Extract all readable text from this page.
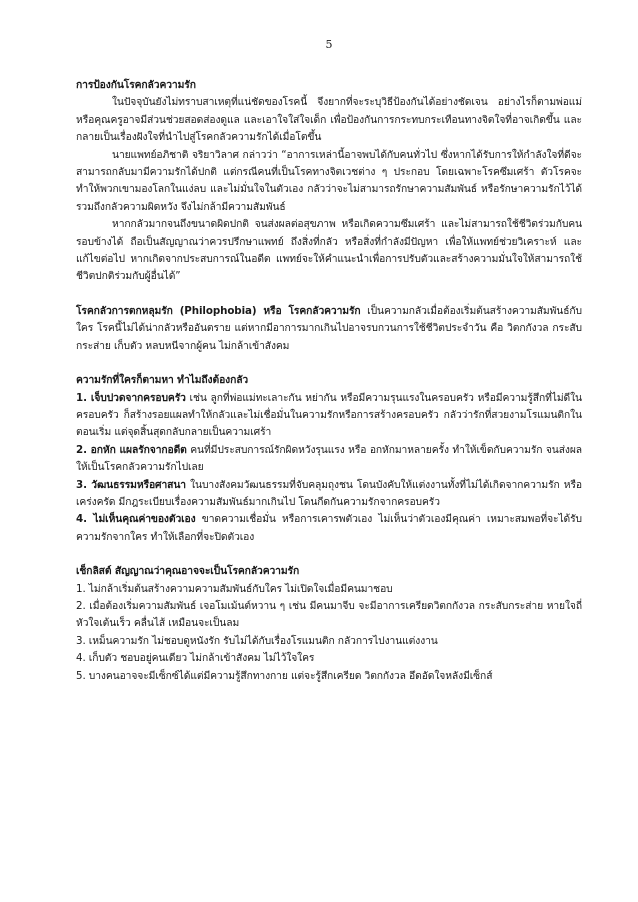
5

การป้องกันโรคกลัวความรัก

ในปัจจุบันยังไม่ทราบสาเหตุที่แน่ชัดของโรคนี้ จึงยากที่จะระบุวิธีป้องกันได้อย่างชัดเจน อย่างไรก็ตามพ่อแม่หรือคุณครูอาจมีส่วนช่วยสอดส่องดูแล และเอาใจใส่ใจเด็ก เพื่อป้องกันการกระทบกระเทือนทางจิตใจที่อาจเกิดขึ้น และกลายเป็นเรื่องฝังใจที่นำไปสู่โรคกลัวความรักได้เมื่อโตขึ้น

นายแพทย์อภิชาติ จริยาวิลาศ กล่าวว่า “อาการเหล่านี้อาจพบได้กับคนทั่วไป ซึ่งหากได้รับการให้กำลังใจที่ดีจะสามารถกลับมามีความรักได้ปกติ แต่กรณีคนที่เป็นโรคทางจิตเวชต่าง ๆ ประกอบ โดยเฉพาะโรคซึมเศร้า ตัวโรคจะทำให้พวกเขามองโลกในแง่ลบ และไม่มั่นใจในตัวเอง กลัวว่าจะไม่สามารถรักษาความสัมพันธ์ หรือรักษาความรักไว้ได้รวมถึงกลัวความผิดหวัง จึงไม่กล้ามีความสัมพันธ์

หากกลัวมากจนถึงขนาดผิดปกติ จนส่งผลต่อสุขภาพ หรือเกิดความซึมเศร้า และไม่สามารถใช้ชีวิตร่วมกับคนรอบข้างได้ ถือเป็นสัญญาณว่าควรปรึกษาแพทย์ ถึงสิ่งที่กลัว หรือสิ่งที่กำลังมีปัญหา เพื่อให้แพทย์ช่วยวิเคราะห์ และแก้ไขต่อไป หากเกิดจากประสบการณ์ในอดีต แพทย์จะให้คำแนะนำเพื่อการปรับตัวและสร้างความมั่นใจให้สามารถใช้ชีวิตปกติร่วมกับผู้อื่นได้”

โรคกลัวการตกหลุมรัก (Philophobia) หรือ โรคกลัวความรัก เป็นความกลัวเมื่อต้องเริ่มต้นสร้างความสัมพันธ์กับใคร โรคนี้ไม่ได้น่ากลัวหรืออันตราย แต่หากมีอาการมากเกินไปอาจรบกวนการใช้ชีวิตประจำวัน คือ วิตกกังวล กระสับกระส่าย เก็บตัว หลบหนีจากผู้คน ไม่กล้าเข้าสังคม

ความรักที่ใครก็ตามหา ทำไมถึงต้องกลัว

1. เจ็บปวดจากครอบครัว เช่น ลูกที่พ่อแม่ทะเลาะกัน หย่ากัน หรือมีความรุนแรงในครอบครัว หรือมีความรู้สึกที่ไม่ดีในครอบครัว ก็สร้างรอยแผลทำให้กลัวและไม่เชื่อมั่นในความรักหรือการสร้างครอบครัว กลัวว่ารักที่สวยงามโรแมนติกในตอนเริ่ม แต่จุดสิ้นสุดกลับกลายเป็นความเศร้า

2. อกหัก แผลรักจากอดีต คนที่มีประสบการณ์รักผิดหวังรุนแรง หรือ อกหักมาหลายครั้ง ทำให้เข็ดกับความรัก จนส่งผลให้เป็นโรคกลัวความรักไปเลย

3. วัฒนธรรมหรือศาสนา ในบางสังคมวัฒนธรรมที่จับคลุมถุงชน โดนบังคับให้แต่งงานทั้งที่ไม่ได้เกิดจากความรัก หรือเคร่งครัด มีกฎระเบียบเรื่องความสัมพันธ์มากเกินไป โดนกีดกันความรักจากครอบครัว

4. ไม่เห็นคุณค่าของตัวเอง ขาดความเชื่อมั่น หรือการเคารพตัวเอง ไม่เห็นว่าตัวเองมีคุณค่า เหมาะสมพอที่จะได้รับความรักจากใคร ทำให้เลือกที่จะปิดตัวเอง

เช็กลิสต์ สัญญาณว่าคุณอาจจะเป็นโรคกลัวความรัก

1. ไม่กล้าเริ่มต้นสร้างความความสัมพันธ์กับใคร ไม่เปิดใจเมื่อมีคนมาชอบ

2. เมื่อต้องเริ่มความสัมพันธ์ เจอโมเม้นต์หวาน ๆ เช่น มีคนมาจีบ จะมีอาการเครียดวิตกกังวล กระสับกระส่าย หายใจถี่ หัวใจเต้นเร็ว คลื่นไส้ เหมือนจะเป็นลม

3. เหม็นความรัก ไม่ชอบดูหนังรัก รับไม่ได้กับเรื่องโรแมนติก กลัวการไปงานแต่งงาน

4. เก็บตัว ชอบอยู่คนเดียว ไม่กล้าเข้าสังคม ไม่ไว้ใจใคร

5. บางคนอาจจะมีเซ็กซ์ได้แต่มีความรู้สึกทางกาย แต่จะรู้สึกเครียด วิตกกังวล อึดอัดใจหลังมีเซ็กส์
